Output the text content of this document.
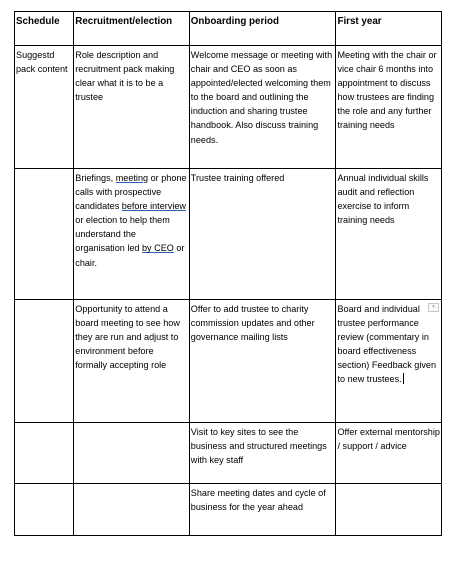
Schedule	Recruitment/election	Onboarding period	First year
Suggestd pack content	Role description and recruitment pack making clear what it is to be a trustee	Welcome message or meeting with chair and CEO as soon as appointed/elected welcoming them to the board and outlining the induction and sharing trustee handbook. Also discuss training needs.	Meeting with the chair or vice chair 6 months into appointment to discuss how trustees are finding the role and any further training needs
	Briefings, meeting or phone calls with prospective candidates before interview or election to help them understand the organisation led by CEO or chair.	Trustee training offered	Annual individual skills audit and reflection exercise to inform training needs
	Opportunity to attend a board meeting to see how they are run and adjust to environment before formally accepting role	Offer to add trustee to charity commission updates and other governance mailing lists	Board and individual trustee performance review (commentary in board effectiveness section) Feedback given to new trustees.
▾

		Visit to key sites to see the business and structured meetings with key staff	Offer external mentorship / support / advice
		Share meeting dates and cycle of business for the year ahead	
